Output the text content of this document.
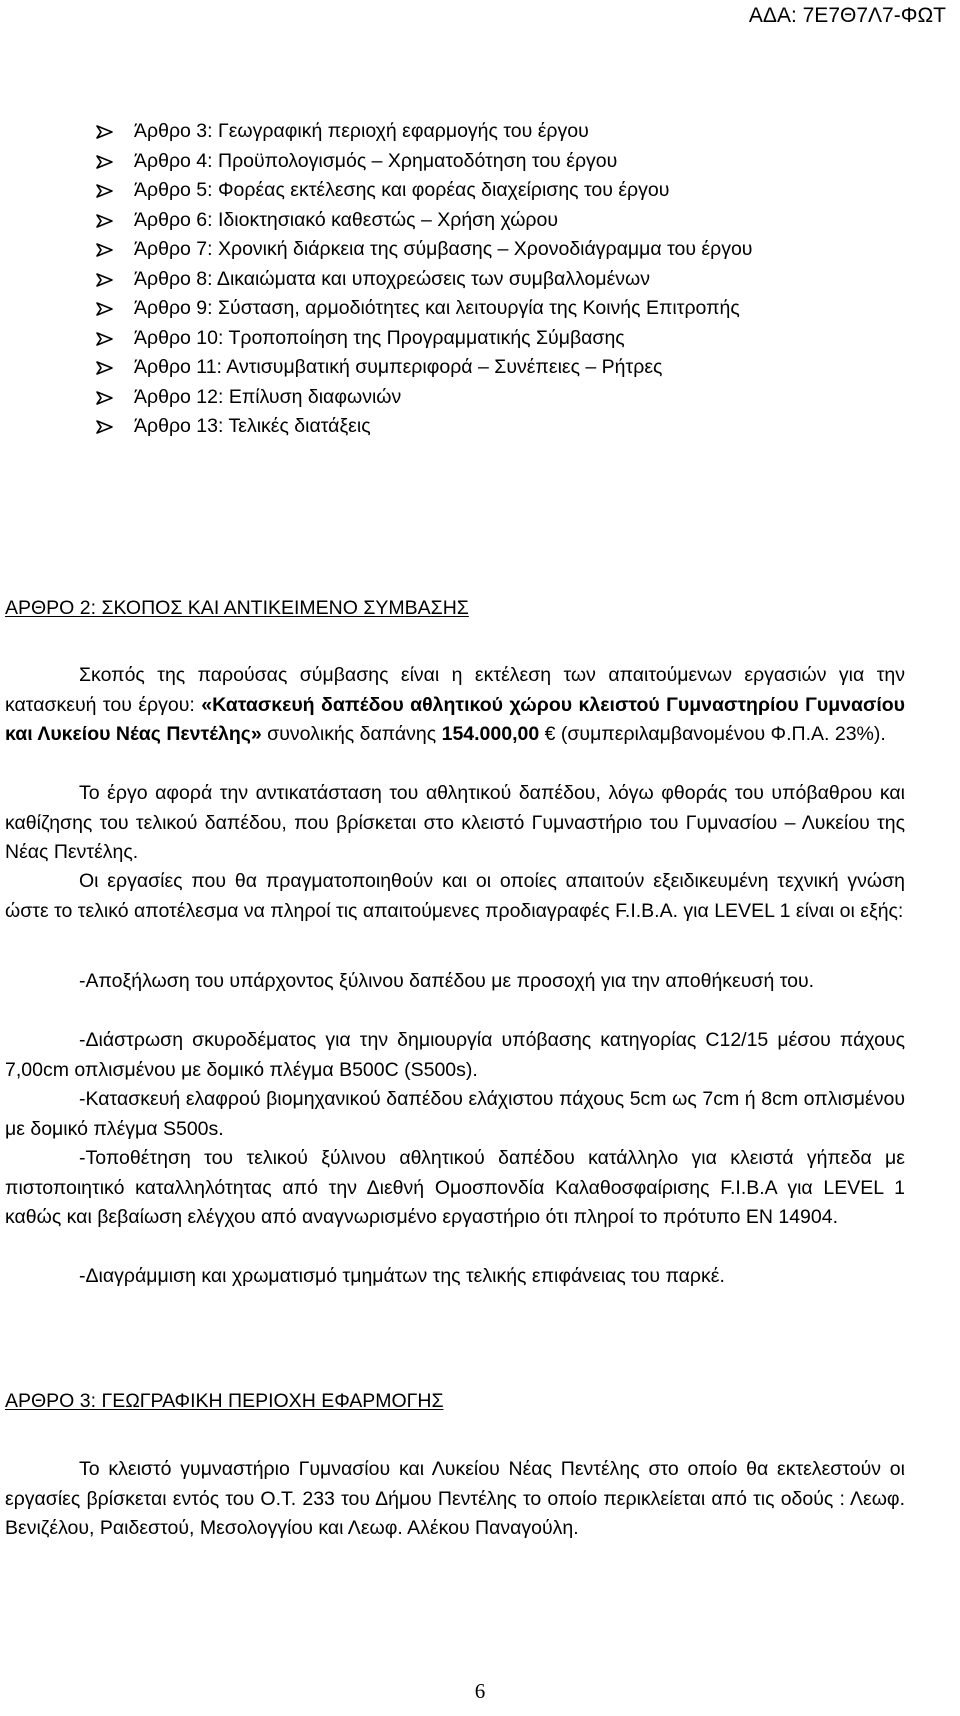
ΑΔΑ: 7Ε7Θ7Λ7-ΦΩΤ
Άρθρο 3: Γεωγραφική περιοχή εφαρμογής του έργου
Άρθρο 4: Προϋπολογισμός – Χρηματοδότηση του έργου
Άρθρο 5: Φορέας εκτέλεσης και φορέας διαχείρισης του έργου
Άρθρο 6: Ιδιοκτησιακό καθεστώς – Χρήση χώρου
Άρθρο 7: Χρονική διάρκεια της σύμβασης – Χρονοδιάγραμμα του έργου
Άρθρο 8: Δικαιώματα και υποχρεώσεις των συμβαλλομένων
Άρθρο 9: Σύσταση, αρμοδιότητες και λειτουργία της Κοινής Επιτροπής
Άρθρο 10: Τροποποίηση της Προγραμματικής Σύμβασης
Άρθρο 11: Αντισυμβατική συμπεριφορά – Συνέπειες – Ρήτρες
Άρθρο 12: Επίλυση διαφωνιών
Άρθρο 13: Τελικές διατάξεις
ΑΡΘΡΟ 2: ΣΚΟΠΟΣ ΚΑΙ ΑΝΤΙΚΕΙΜΕΝΟ ΣΥΜΒΑΣΗΣ

Σκοπός της παρούσας σύμβασης είναι η εκτέλεση των απαιτούμενων εργασιών για την κατασκευή του έργου: «Κατασκευή δαπέδου αθλητικού χώρου κλειστού Γυμναστηρίου Γυμνασίου και Λυκείου Νέας Πεντέλης» συνολικής δαπάνης 154.000,00 € (συμπεριλαμβανομένου Φ.Π.Α. 23%).

Το έργο αφορά την αντικατάσταση του αθλητικού δαπέδου, λόγω φθοράς του υπόβαθρου και καθίζησης του τελικού δαπέδου, που βρίσκεται στο κλειστό Γυμναστήριο του Γυμνασίου – Λυκείου της Νέας Πεντέλης.

Οι εργασίες που θα πραγματοποιηθούν και οι οποίες απαιτούν εξειδικευμένη τεχνική γνώση ώστε το τελικό αποτέλεσμα να πληροί τις απαιτούμενες προδιαγραφές F.I.B.A. για LEVEL 1 είναι οι εξής:

-Αποξήλωση του υπάρχοντος ξύλινου δαπέδου με προσοχή για την αποθήκευσή του.

-Διάστρωση σκυροδέματος για την δημιουργία υπόβασης κατηγορίας C12/15 μέσου πάχους 7,00cm οπλισμένου με δομικό πλέγμα B500C (S500s).

-Κατασκευή ελαφρού βιομηχανικού δαπέδου ελάχιστου πάχους 5cm ως 7cm ή 8cm οπλισμένου με δομικό πλέγμα S500s.

-Τοποθέτηση του τελικού ξύλινου αθλητικού δαπέδου κατάλληλο για κλειστά γήπεδα με πιστοποιητικό καταλληλότητας από την Διεθνή Ομοσπονδία Καλαθοσφαίρισης F.I.B.A για LEVEL 1 καθώς και βεβαίωση ελέγχου από αναγνωρισμένο εργαστήριο ότι πληροί το πρότυπο EN 14904.

-Διαγράμμιση και χρωματισμό τμημάτων της τελικής επιφάνειας του παρκέ.

ΑΡΘΡΟ 3: ΓΕΩΓΡΑΦΙΚΗ ΠΕΡΙΟΧΗ ΕΦΑΡΜΟΓΗΣ

Το κλειστό γυμναστήριο Γυμνασίου και Λυκείου Νέας Πεντέλης στο οποίο θα εκτελεστούν οι εργασίες βρίσκεται εντός του Ο.Τ. 233 του Δήμου Πεντέλης το οποίο περικλείεται από τις οδούς : Λεωφ. Βενιζέλου, Ραιδεστού, Μεσολογγίου και Λεωφ. Αλέκου Παναγούλη.

6
